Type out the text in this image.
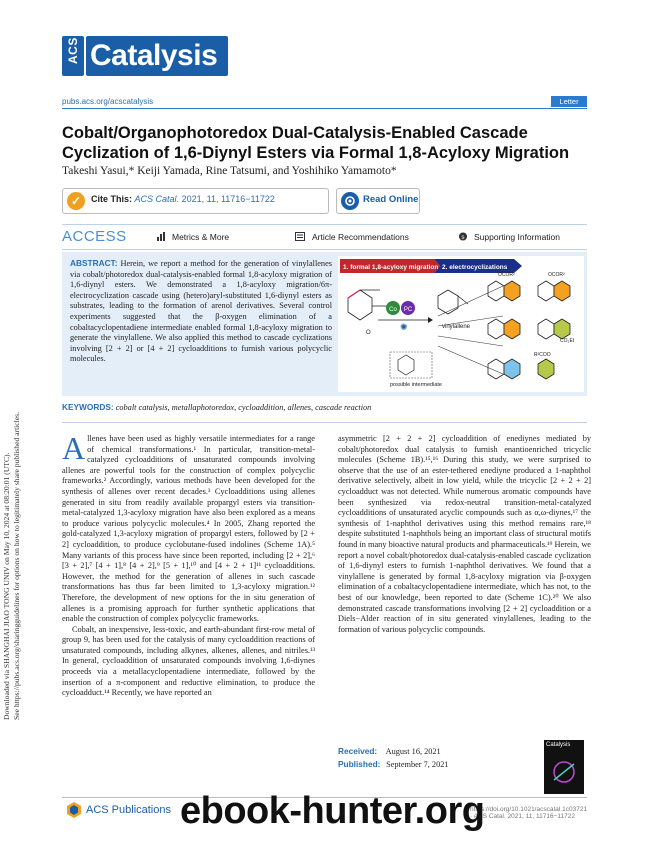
Downloaded via SHANGHAI JIAO TONG UNIV on May 10, 2024 at 08:20:01 (UTC). See https://pubs.acs.org/sharingguidelines for options on how to legitimately share published articles.
ACS Catalysis
pubs.acs.org/acscatalysis	Letter
Cobalt/Organophotoredox Dual-Catalysis-Enabled Cascade Cyclization of 1,6-Diynyl Esters via Formal 1,8-Acyloxy Migration
Takeshi Yasui,* Keiji Yamada, Rine Tatsumi, and Yoshihiko Yamamoto*
✓	Cite This: ACS Catal. 2021, 11, 11716−11722	Read Online
ACCESS	Metrics & More	Article Recommendations	s Supporting Information
ABSTRACT: Herein, we report a method for the generation of vinylallenes via cobalt/photoredox dual-catalysis-enabled formal 1,8-acyloxy migration of 1,6-diynyl esters. We demonstrated a 1,8-acyloxy migration/6π-electrocyclization cascade using (hetero)aryl-substituted 1,6-diynyl esters as substrates, leading to the formation of arenol derivatives. Several control experiments suggested that the β-oxygen elimination of a cobaltacyclopentadiene intermediate enabled formal 1,8-acyloxy migration to generate the vinylallene. We also applied this method to cascade cyclizations involving [2 + 2] or [4 + 2] cycloadditions to furnish various polycyclic molecules.
1. formal 1,8-acyloxy migration 2. electrocyclizations
O
Co PC
✺	vinylallene
possible intermediate
OCOR²	OCOR²
CO₂Et
R²COO
KEYWORDS: cobalt catalysis, metallaphotoredox, cycloaddition, allenes, cascade reaction

Allenes have been used as highly versatile intermediates for a range of chemical transformations.¹ In particular, transition-metal-catalyzed cycloadditions of unsaturated compounds involving allenes are powerful tools for the construction of complex polycyclic frameworks.² Accordingly, various methods have been developed for the synthesis of allenes over recent decades.³ Cycloadditions using allenes generated in situ from readily available propargyl esters via transition-metal-catalyzed 1,3-acyloxy migration have also been explored as a means to produce various polycyclic molecules.⁴ In 2005, Zhang reported the gold-catalyzed 1,3-acyloxy migration of propargyl esters, followed by [2 + 2] cycloaddition, to produce cyclobutane-fused indolines (Scheme 1A).⁵ Many variants of this process have since been reported, including [2 + 2],⁶ [3 + 2],⁷ [4 + 1],⁸ [4 + 2],⁹ [5 + 1],¹⁰ and [4 + 2 + 1]¹¹ cycloadditions. However, the method for the generation of allenes in such cascade transformations has thus far been limited to 1,3-acyloxy migration.¹² Therefore, the development of new options for the in situ generation of allenes is a promising approach for further synthetic applications that enable the construction of complex polycyclic frameworks.

Cobalt, an inexpensive, less-toxic, and earth-abundant first-row metal of group 9, has been used for the catalysis of many cycloaddition reactions of unsaturated compounds, including alkynes, alkenes, allenes, and nitriles.¹³ In general, cycloaddition of unsaturated compounds involving 1,6-diynes proceeds via a metallacyclopentadiene intermediate, followed by the insertion of a π-component and reductive elimination, to produce the cycloadduct.¹⁴ Recently, we have reported an

asymmetric [2 + 2 + 2] cycloaddition of enediynes mediated by cobalt/photoredox dual catalysis to furnish enantioenriched tricyclic molecules (Scheme 1B).¹⁵,¹⁶ During this study, we were surprised to observe that the use of an ester-tethered enediyne produced a 1-naphthol derivative selectively, albeit in low yield, while the tricyclic [2 + 2 + 2] cycloadduct was not detected. While numerous aromatic compounds have been synthesized via redox-neutral transition-metal-catalyzed cycloadditions of unsaturated acyclic compounds such as α,ω-diynes,¹⁷ the synthesis of 1-naphthol derivatives using this method remains rare,¹⁸ despite substituted 1-naphthols being an important class of structural motifs found in many bioactive natural products and pharmaceuticals.¹⁹ Herein, we report a novel cobalt/photoredox dual-catalysis-enabled cascade cyclization of 1,6-diynyl esters to furnish 1-naphthol derivatives. We found that a vinylallene is generated by formal 1,8-acyloxy migration via β-oxygen elimination of a cobaltacyclopentadiene intermediate, which has not, to the best of our knowledge, been reported to date (Scheme 1C).²⁰ We also demonstrated cascade transformations involving [2 + 2] cycloaddition or a Diels−Alder reaction of in situ generated vinylallenes, leading to the formation of various polycyclic compounds.

Received: August 16, 2021
Published: September 7, 2021
Catalysis
ACS Publications	https://doi.org/10.1021/acscatal.1c03721 · ACS Catal. 2021, 11, 11716−11722
ebook-hunter.org
